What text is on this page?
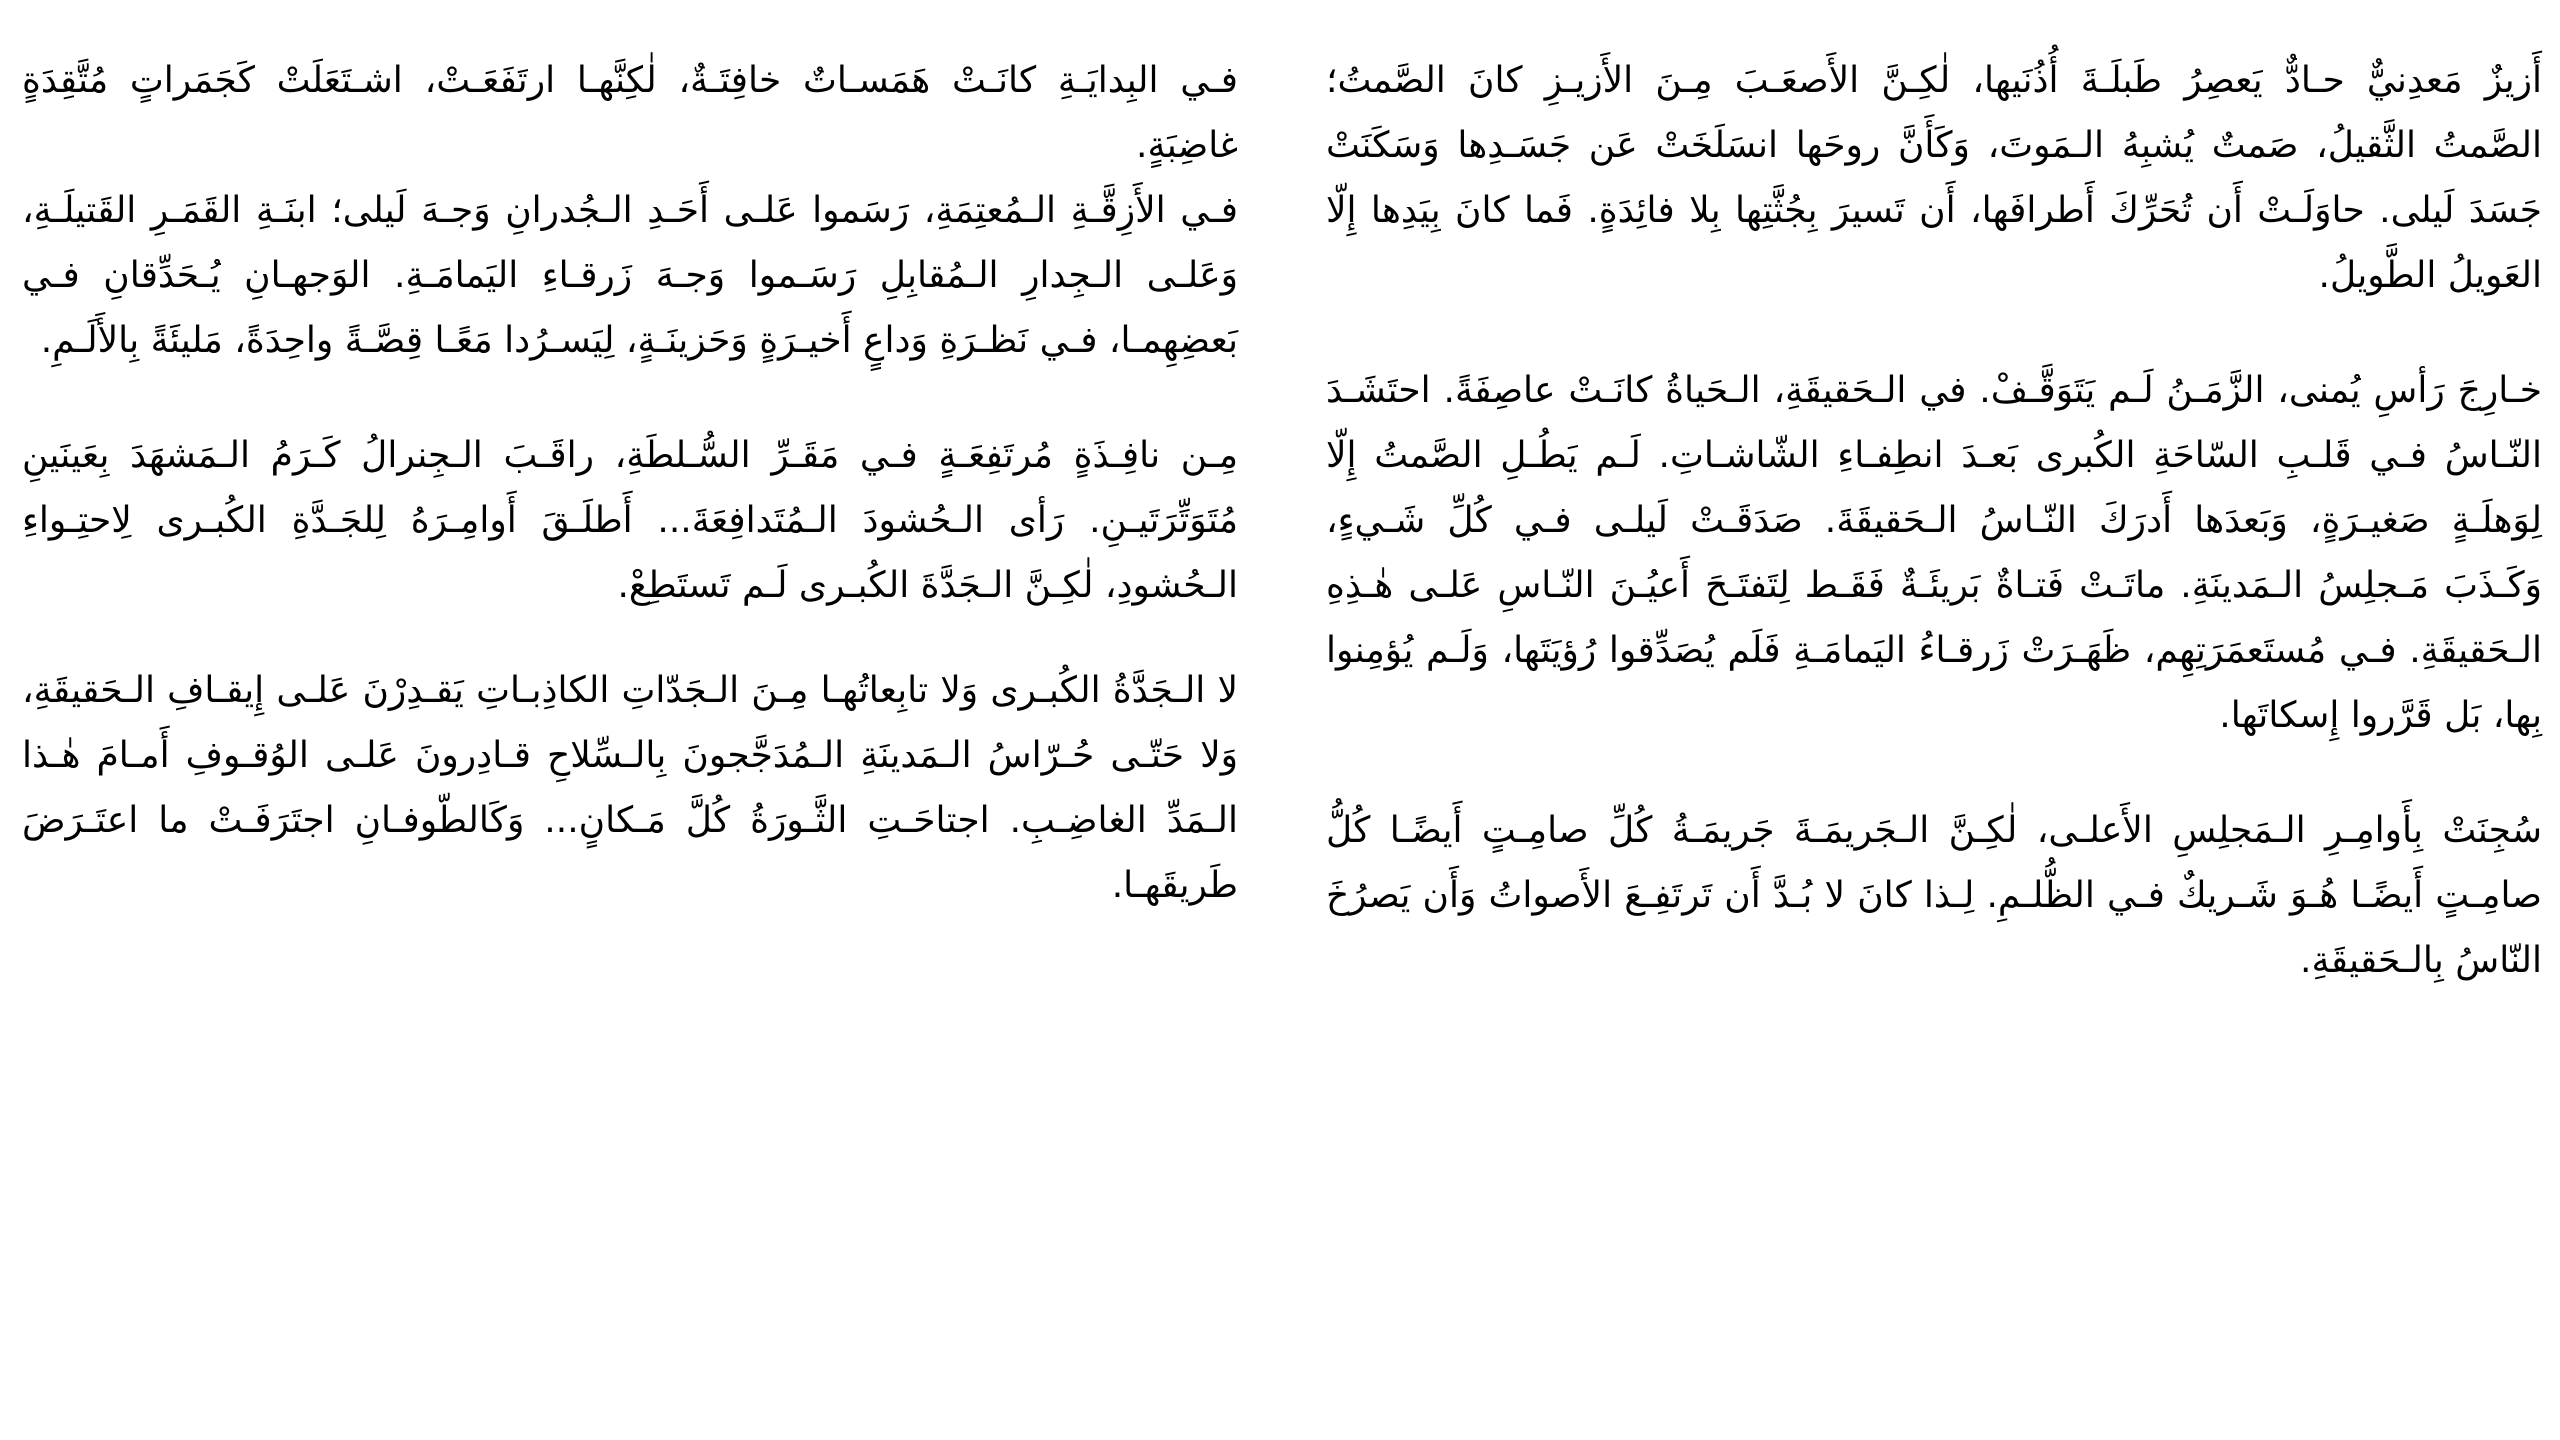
أَزيزٌ مَعدِنيٌّ حـادٌّ يَعصِرُ طَبلَـةَ أُذُنَيها، لٰكِـنَّ الأَصعَـبَ مِـنَ الأَزيـزِ كانَ الصَّمتُ؛ الصَّمتُ الثَّقيلُ، صَمتٌ يُشبِهُ الـمَوتَ، وَكَأَنَّ روحَها انسَلَخَتْ عَن جَسَـدِها وَسَكَنَتْ جَسَدَ لَيلى. حاوَلَـتْ أَن تُحَرِّكَ أَطرافَها، أَن تَسيرَ بِجُثَّتِها بِلا فائِدَةٍ. فَما كانَ بِيَدِها إِلّا العَويلُ الطَّويلُ.

خـارِجَ رَأسِ يُمنى، الزَّمَـنُ لَـم يَتَوَقَّـفْ. في الـحَقيقَةِ، الـحَياةُ كانَـتْ عاصِفَةً. احتَشَـدَ النّـاسُ فـي قَلـبِ السّاحَةِ الكُبرى بَعـدَ انطِفـاءِ الشّاشـاتِ. لَـم يَطُـلِ الصَّمتُ إِلّا لِوَهلَـةٍ صَغيـرَةٍ، وَبَعدَها أَدرَكَ النّـاسُ الـحَقيقَةَ. صَدَقَـتْ لَيلـى فـي كُلِّ شَـيءٍ، وَكَـذَبَ مَـجلِسُ الـمَدينَةِ. ماتَـتْ فَتـاةٌ بَريئَـةٌ فَقَـط لِتَفتَـحَ أَعيُـنَ النّـاسِ عَلـى هٰـذِهِ الـحَقيقَةِ. فـي مُستَعمَرَتِهِم، ظَهَـرَتْ زَرقـاءُ اليَمامَـةِ فَلَم يُصَدِّقوا رُؤيَتَها، وَلَـم يُؤمِنوا بِها، بَل قَرَّروا إِسكاتَها.

سُجِنَتْ بِأَوامِـرِ الـمَجلِسِ الأَعلـى، لٰكِـنَّ الـجَريمَـةَ جَريمَـةُ كُلِّ صامِـتٍ أَيضًـا كُلُّ صامِـتٍ أَيضًـا هُـوَ شَـريكٌ فـي الظُّلـمِ. لِـذا كانَ لا بُـدَّ أَن تَرتَفِـعَ الأَصواتُ وَأَن يَصرُخَ النّاسُ بِالـحَقيقَةِ.

فـي البِدايَـةِ كانَـتْ هَمَسـاتٌ خافِتَـةٌ، لٰكِنَّهـا ارتَفَعَـتْ، اشـتَعَلَتْ كَجَمَراتٍ مُتَّقِدَةٍ غاضِبَةٍ.

فـي الأَزِقَّـةِ الـمُعتِمَةِ، رَسَموا عَلـى أَحَـدِ الـجُدرانِ وَجـهَ لَيلى؛ ابنَـةِ القَمَـرِ القَتيلَـةِ، وَعَلـى الـجِدارِ الـمُقابِلِ رَسَـموا وَجـهَ زَرقـاءِ اليَمامَـةِ. الوَجهـانِ يُـحَدِّقانِ فـي بَعضِهِمـا، فـي نَظـرَةِ وَداعٍ أَخيـرَةٍ وَحَزينَـةٍ، لِيَسـرُدا مَعًـا قِصَّـةً واحِدَةً، مَليئَةً بِالأَلَـمِ.

مِـن نافِـذَةٍ مُرتَفِعَـةٍ فـي مَقَـرِّ السُّـلطَةِ، راقَـبَ الـجِنرالُ كَـرَمُ الـمَشهَدَ بِعَينَينِ مُتَوَتِّرَتَيـنِ. رَأى الـحُشودَ الـمُتَدافِعَةَ... أَطلَـقَ أَوامِـرَهُ لِلجَـدَّةِ الكُبـرى لِاحتِـواءِ الـحُشودِ، لٰكِـنَّ الـجَدَّةَ الكُبـرى لَـم تَستَطِعْ.

لا الـجَدَّةُ الكُبـرى وَلا تابِعاتُهـا مِـنَ الـجَدّاتِ الكاذِبـاتِ يَقـدِرْنَ عَلـى إِيقـافِ الـحَقيقَةِ، وَلا حَتّـى حُـرّاسُ الـمَدينَةِ الـمُدَجَّجونَ بِالـسِّلاحِ قـادِرونَ عَلـى الوُقـوفِ أَمـامَ هٰـذا الـمَدِّ الغاضِـبِ. اجتاحَـتِ الثَّـورَةُ كُلَّ مَـكانٍ... وَكَالطّوفـانِ اجتَرَفَـتْ ما اعتَـرَضَ طَريقَهـا.
